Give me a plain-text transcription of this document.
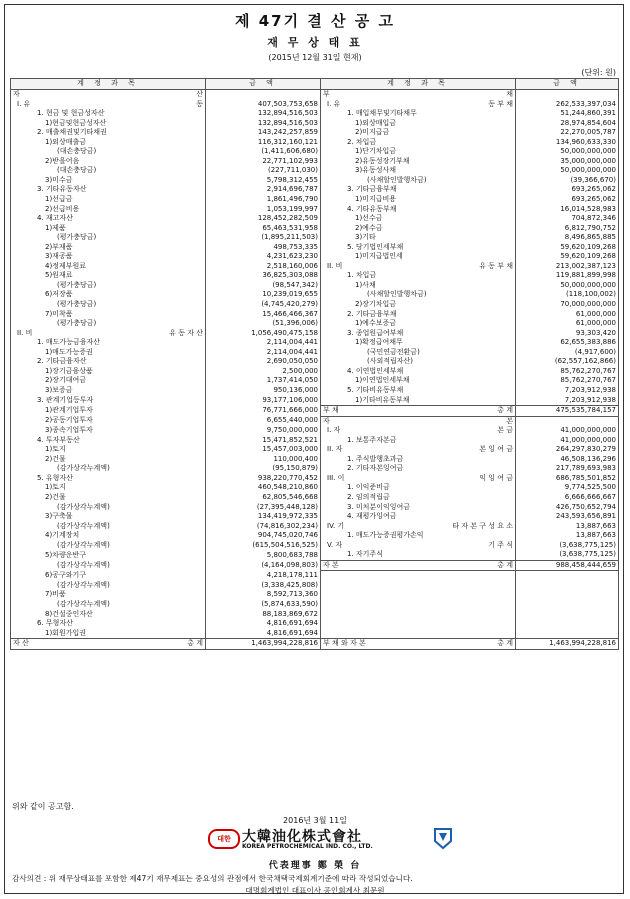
제 47기 결 산 공 고
재 무 상 태 표
(2015년 12월 31일 현재)
(단위: 원)
계 정 과 목	금 액	계 정 과 목	금 액

자 산		부 채	

I. 유 동	407,503,753,658	I. 유 동 부 채	262,533,397,034
1. 현금 및 현금성자산	132,894,516,503	1. 매입채무및기타채무	51,244,860,391
1)현금및현금성자산	132,894,516,503	1)외상매입금	28,974,854,604
2. 매출채권및기타채권	143,242,257,859	2)미지급금	22,270,005,787
1)외상매출금	116,312,160,121	2. 차입금	134,960,633,330
(대손충당금)	(1,411,606,680)	1)단기차입금	50,000,000,000
2)받을어음	22,771,102,993	2)유동성장기부채	35,000,000,000
(대손충당금)	(227,711,030)	3)유동성사채	50,000,000,000
3)미수금	5,798,312,455	(사채할인발행차금)	(39,366,670)
3. 기타유동자산	2,914,696,787	3. 기타금융부채	693,265,062
1)선급금	1,861,496,790	1)미지급비용	693,265,062
2)선급비용	1,053,199,997	4. 기타유동부채	16,014,528,983
4. 재고자산	128,452,282,509	1)선수금	704,872,346
1)제품	65,463,531,958	2)예수금	6,812,790,752
(평가충당금)	(1,895,211,503)	3)기타	8,496,865,885
2)부재품	498,753,335	5. 당기법인세부채	59,620,109,268
3)재공품	4,231,623,230	1)미지급법인세	59,620,109,268
4)정제부원료	2,518,160,006	II. 비 유 동 부 채	213,002,387,123
5)원재료	36,825,303,088	1. 차입금	119,881,899,998
(평가충당금)	(98,547,342)	1)사채	50,000,000,000
6)저장품	10,239,019,655	(사채할인발행차금)	(118,100,002)
(평가충당금)	(4,745,420,279)	2)장기차입금	70,000,000,000
7)미착품	15,466,466,367	2. 기타금융부채	61,000,000
(평가충당금)	(51,396,006)	1)예수보증금	61,000,000

II. 비 유 동 자 산	1,056,490,475,158	3. 종업원급여부채	93,303,420
1. 매도가능금융자산	2,114,004,441	1)확정급여채무	62,655,383,886
1)매도가능증권	2,114,004,441	(국민연금전환금)	(4,917,600)
2. 기타금융자산	2,690,050,050	(사외적립자산)	(62,557,162,866)
1)장기금융상품	2,500,000	4. 이연법인세부채	85,762,270,767
2)장기대여금	1,737,414,050	1)이연법인세부채	85,762,270,767
3)보증금	950,136,000	5. 기타비유동부채	7,203,912,938
3. 관계기업등투자	93,177,106,000	1)기타비유동부채	7,203,912,938
1)관계기업투자	76,771,666,000	부 채 총 계	475,535,784,157
2)공동기업투자	6,655,440,000	자 본	

3)종속기업투자	9,750,000,000	I. 자 본 금	41,000,000,000
4. 투자부동산	15,471,852,521	1. 보통주자본금	41,000,000,000
1)토지	15,457,003,000	II. 자 본 잉 여 금	264,297,830,279
2)건물	110,000,400	1. 주식발행초과금	46,508,136,296
(감가상각누계액)	(95,150,879)	2. 기타자본잉여금	217,789,693,983
5. 유형자산	938,220,770,452	III. 이 익 잉 여 금	686,785,501,852
1)토지	460,548,210,860	1. 이익준비금	9,774,525,500
2)건물	62,805,546,668	2. 임의적립금	6,666,666,667
(감가상각누계액)	(27,395,448,128)	3. 미처분이익잉여금	426,750,652,794
3)구축물	134,419,972,335	4. 재평가잉여금	243,593,656,891
(감가상각누계액)	(74,816,302,234)	IV. 기 타 자 본 구 성 요 소	13,887,663
4)기계장치	904,745,020,746	1. 매도가능증권평가손익	13,887,663
(감가상각누계액)	(615,504,516,525)	V. 자 기 주 식	(3,638,775,125)
5)차량운반구	5,800,683,788	1. 자기주식	(3,638,775,125)
(감가상각누계액)	(4,164,098,803)	자 본 총 계	988,458,444,659
6)공구와기구	4,218,178,111		
(감가상각누계액)	(3,338,425,808)		
7)비품	8,592,713,360		
(감가상각누계액)	(5,874,633,590)		
8)건설중인자산	88,183,869,672		
6. 무형자산	4,816,691,694		
1)회원가입권	4,816,691,694		

자 산 총 계	1,463,994,228,816	부 채 와 자 본 총 계	1,463,994,228,816
위와 같이 공고함.
2016년 3월 11일
대한 大韓油化株式會社
KOREA PETROCHEMICAL IND. CO., LTD.
代表理事 鄭 榮 台
감사의견 : 위 재무상태표를 포함한 제47기 재무제표는 중요성의 관점에서 한국채택국제회계기준에 따라 작성되었습니다.
대명회계법인 대표이사 공인회계사 최문원
